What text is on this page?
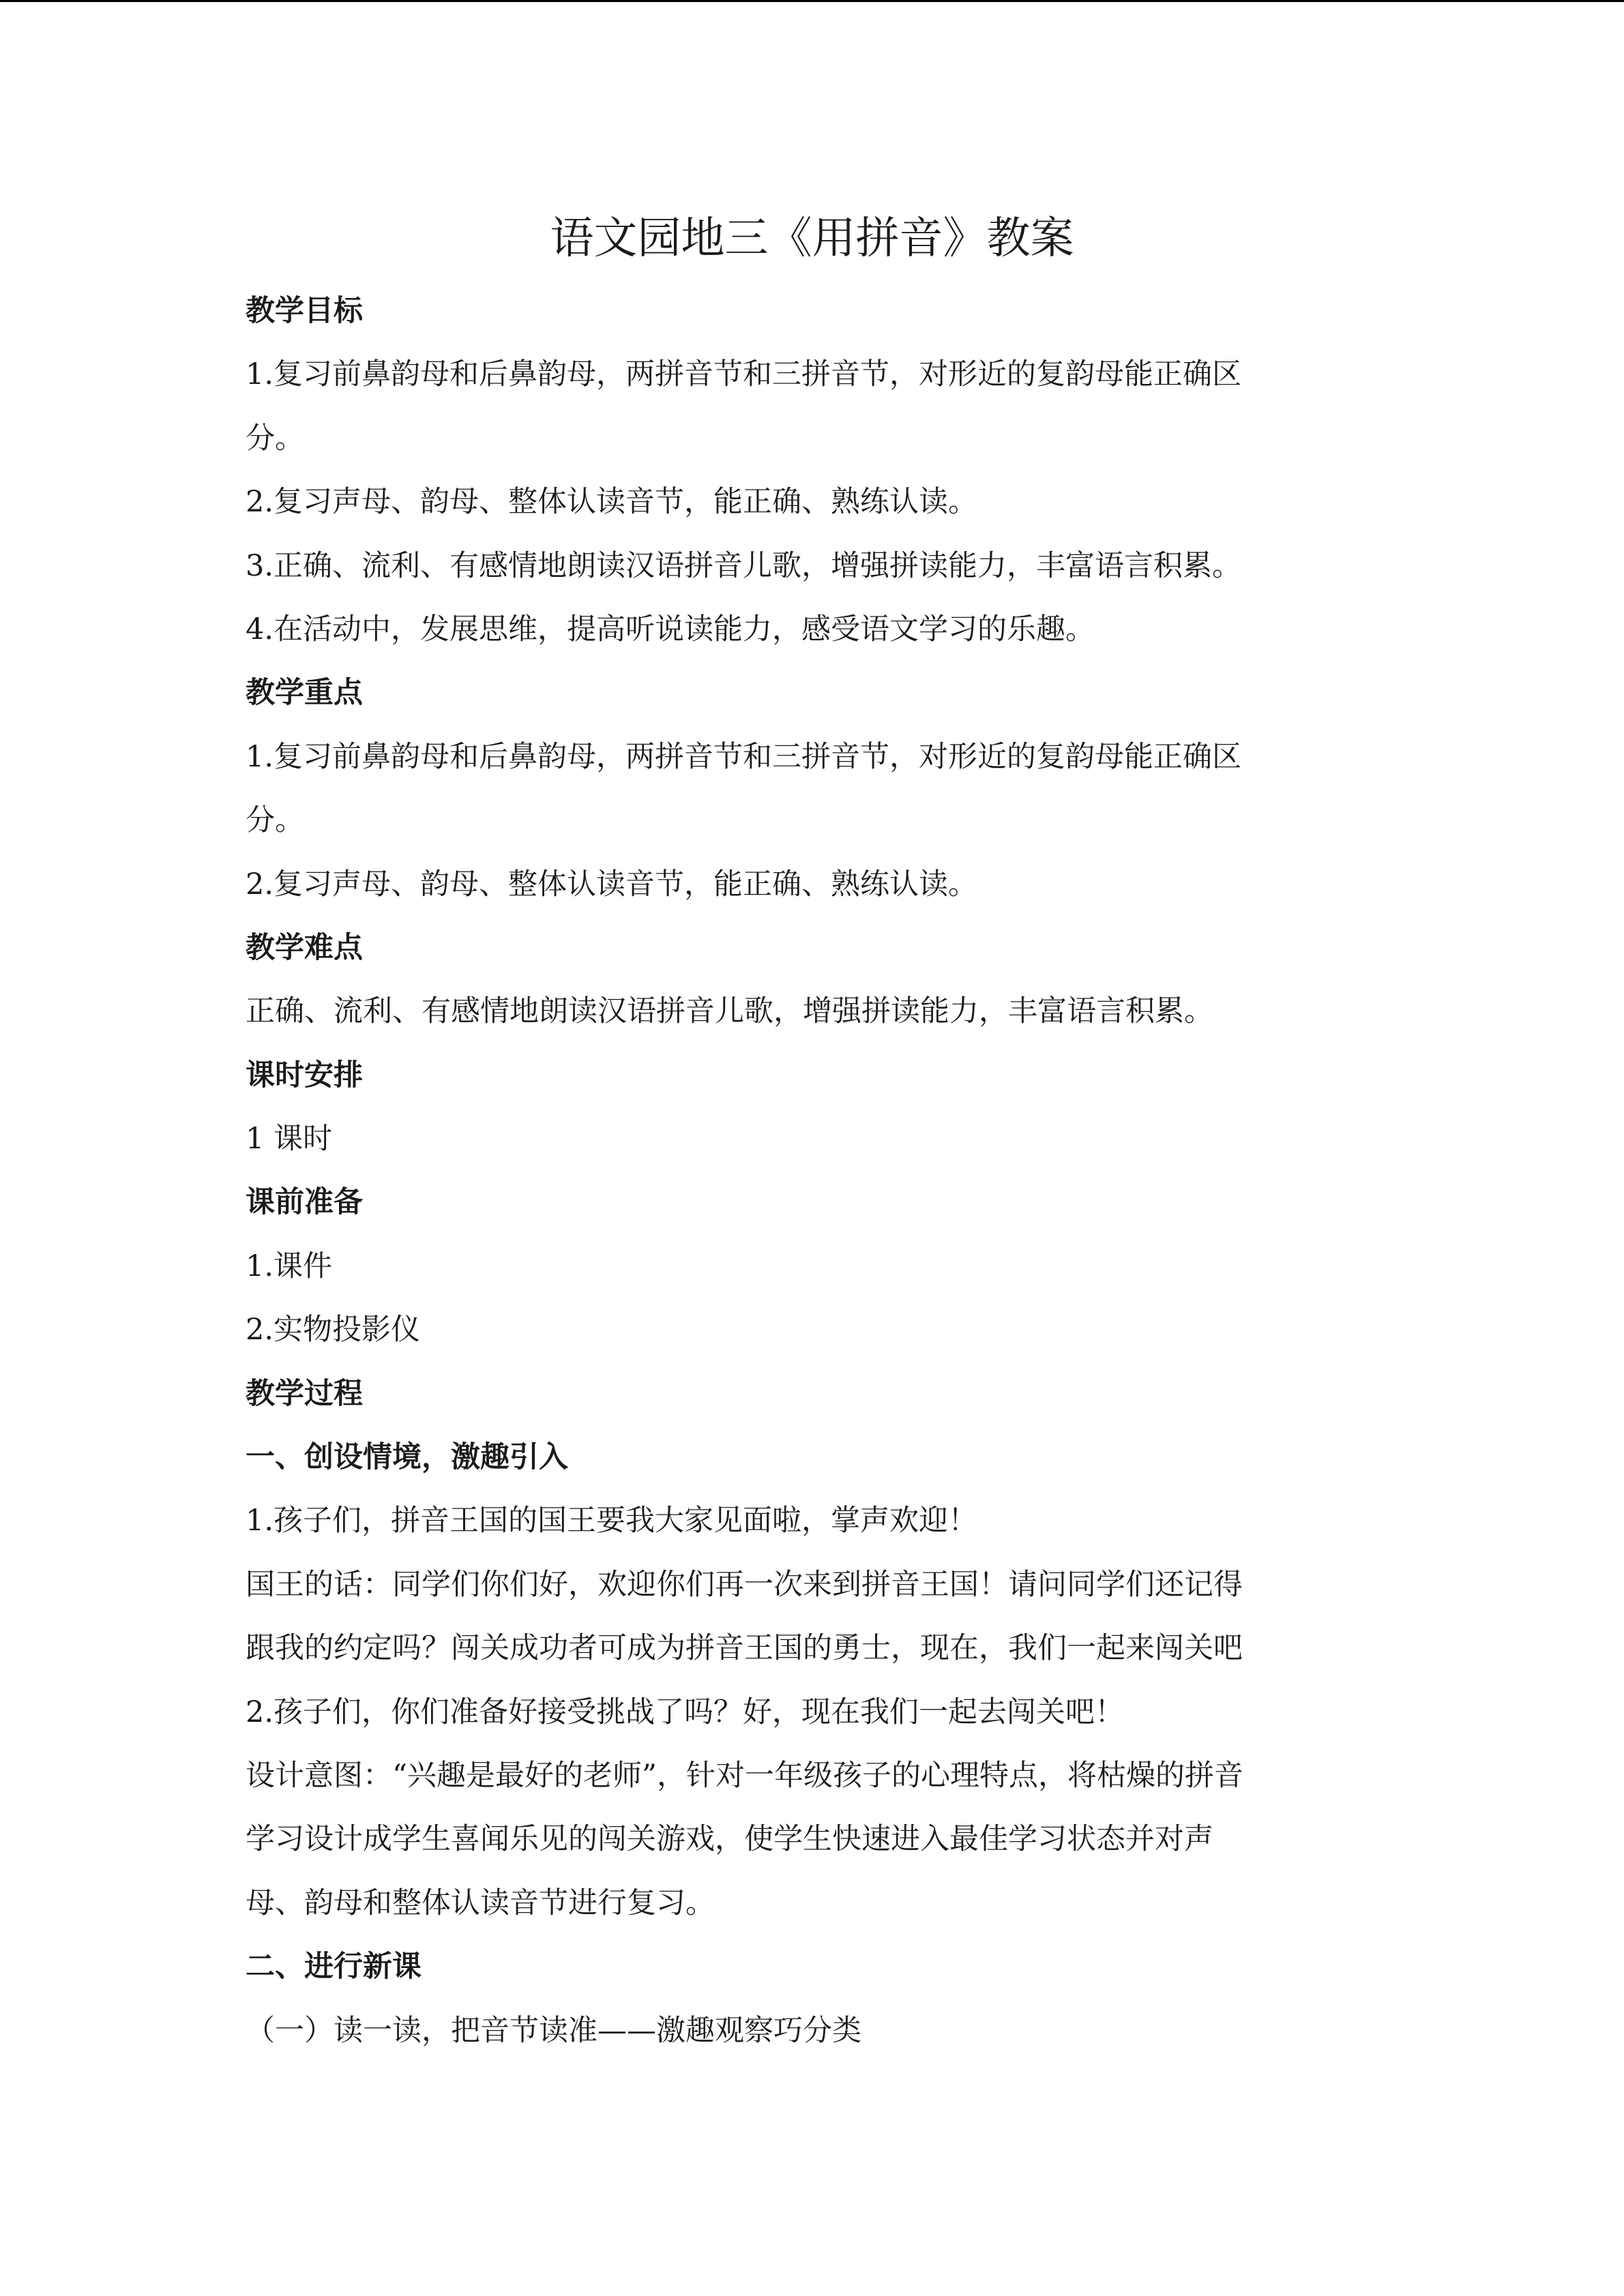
语文园地三《用拼音》教案
教学目标
1.复习前鼻韵母和后鼻韵母，两拼音节和三拼音节，对形近的复韵母能正确区
分。
2.复习声母、韵母、整体认读音节，能正确、熟练认读。
3.正确、流利、有感情地朗读汉语拼音儿歌，增强拼读能力，丰富语言积累。
4.在活动中，发展思维，提高听说读能力，感受语文学习的乐趣。
教学重点
1.复习前鼻韵母和后鼻韵母，两拼音节和三拼音节，对形近的复韵母能正确区
分。
2.复习声母、韵母、整体认读音节，能正确、熟练认读。
教学难点
正确、流利、有感情地朗读汉语拼音儿歌，增强拼读能力，丰富语言积累。
课时安排
1 课时
课前准备
1.课件
2.实物投影仪
教学过程
一、创设情境，激趣引入
1.孩子们，拼音王国的国王要我大家见面啦，掌声欢迎！
国王的话：同学们你们好，欢迎你们再一次来到拼音王国！请问同学们还记得
跟我的约定吗？闯关成功者可成为拼音王国的勇士，现在，我们一起来闯关吧
2.孩子们，你们准备好接受挑战了吗？好，现在我们一起去闯关吧！
设计意图：“兴趣是最好的老师”，针对一年级孩子的心理特点，将枯燥的拼音
学习设计成学生喜闻乐见的闯关游戏，使学生快速进入最佳学习状态并对声
母、韵母和整体认读音节进行复习。
二、进行新课
（一）读一读，把音节读准——激趣观察巧分类
